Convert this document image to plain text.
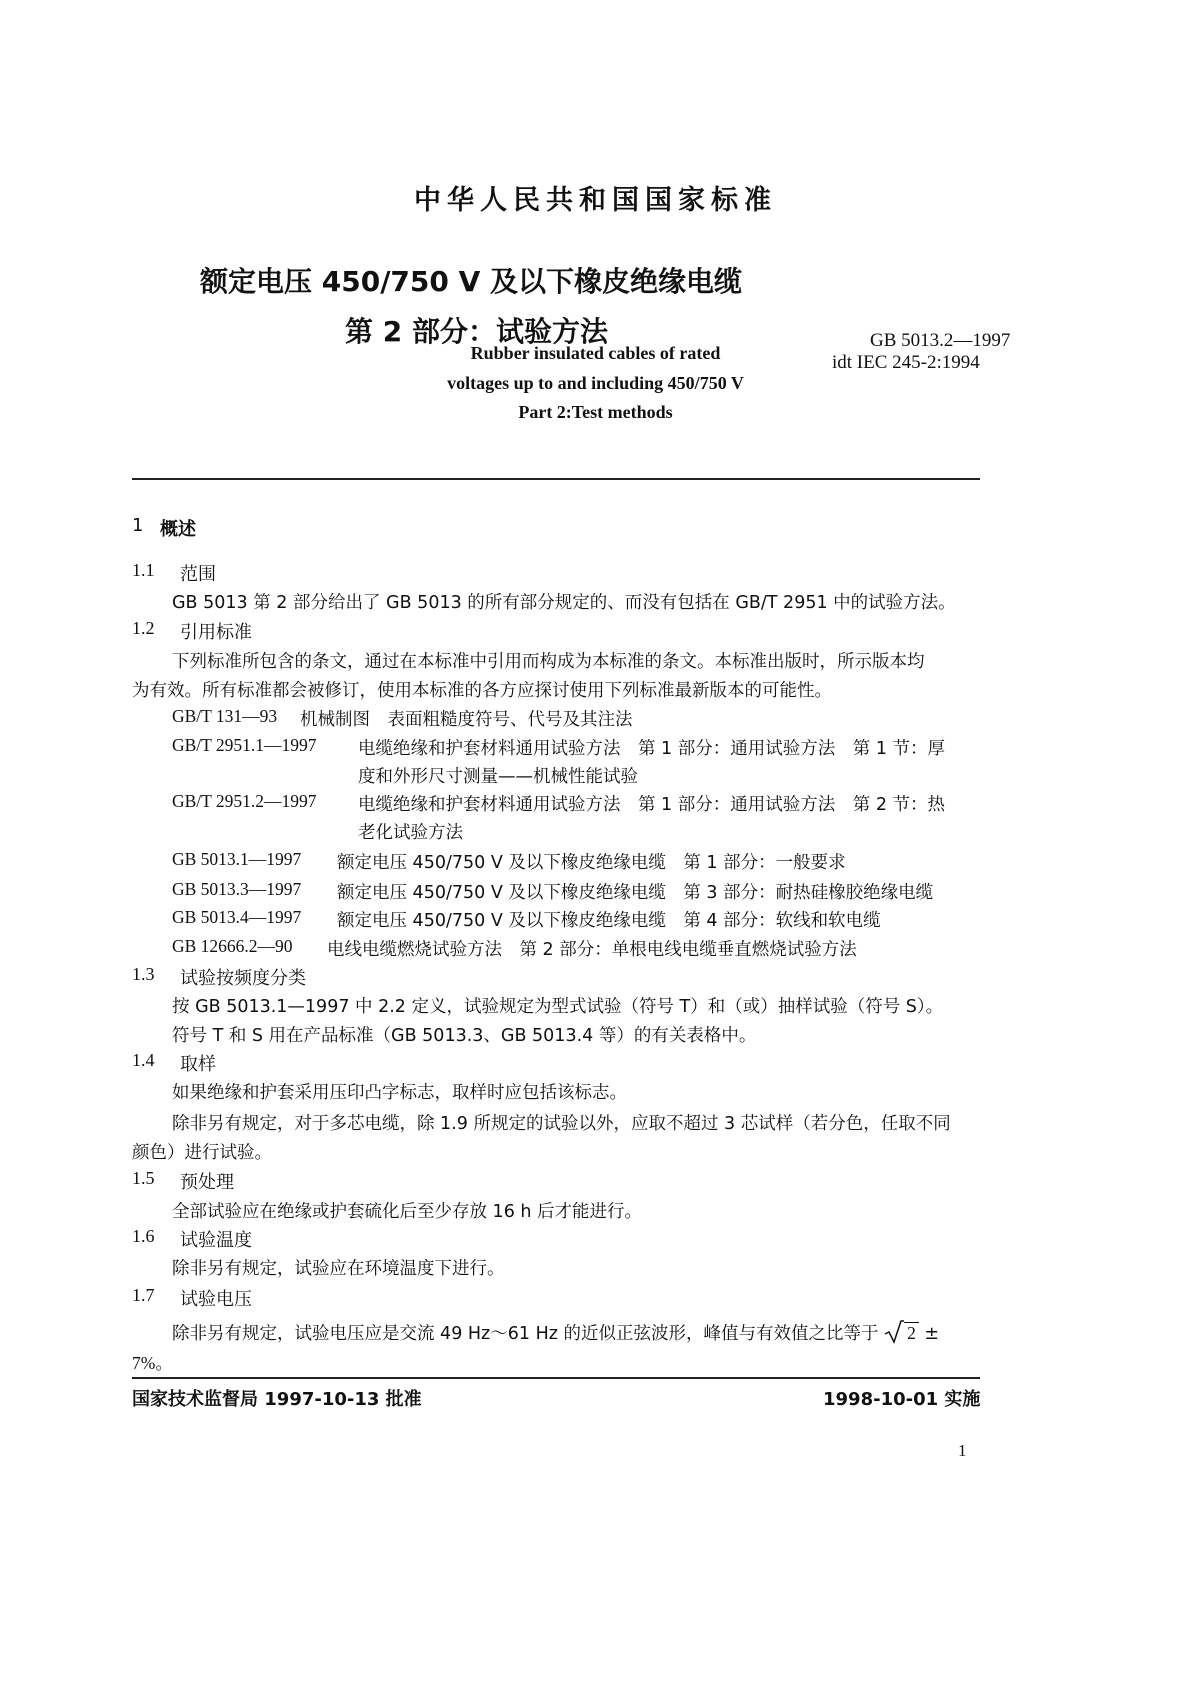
中华人民共和国国家标准
额定电压 450/750 V 及以下橡皮绝缘电缆
第 2 部分：试验方法	GB 5013.2—1997
idt IEC 245-2:1994
Rubber insulated cables of rated
voltages up to and including 450/750 V
Part 2:Test methods
1 概述
1.1 范围
GB 5013 第 2 部分给出了 GB 5013 的所有部分规定的、而没有包括在 GB/T 2951 中的试验方法。
1.2 引用标准
下列标准所包含的条文，通过在本标准中引用而构成为本标准的条文。本标准出版时，所示版本均
为有效。所有标准都会被修订，使用本标准的各方应探讨使用下列标准最新版本的可能性。
GB/T 131—93 机械制图　表面粗糙度符号、代号及其注法
GB/T 2951.1—1997 电缆绝缘和护套材料通用试验方法　第 1 部分：通用试验方法　第 1 节：厚
度和外形尺寸测量——机械性能试验
GB/T 2951.2—1997 电缆绝缘和护套材料通用试验方法　第 1 部分：通用试验方法　第 2 节：热
老化试验方法
GB 5013.1—1997 额定电压 450/750 V 及以下橡皮绝缘电缆　第 1 部分：一般要求
GB 5013.3—1997 额定电压 450/750 V 及以下橡皮绝缘电缆　第 3 部分：耐热硅橡胶绝缘电缆
GB 5013.4—1997 额定电压 450/750 V 及以下橡皮绝缘电缆　第 4 部分：软线和软电缆
GB 12666.2—90 电线电缆燃烧试验方法　第 2 部分：单根电线电缆垂直燃烧试验方法
1.3 试验按频度分类
按 GB 5013.1—1997 中 2.2 定义，试验规定为型式试验（符号 T）和（或）抽样试验（符号 S）。
符号 T 和 S 用在产品标准（GB 5013.3、GB 5013.4 等）的有关表格中。
1.4 取样
如果绝缘和护套采用压印凸字标志，取样时应包括该标志。
除非另有规定，对于多芯电缆，除 1.9 所规定的试验以外，应取不超过 3 芯试样（若分色，任取不同
颜色）进行试验。
1.5 预处理
全部试验应在绝缘或护套硫化后至少存放 16 h 后才能进行。
1.6 试验温度
除非另有规定，试验应在环境温度下进行。
1.7 试验电压
除非另有规定，试验电压应是交流 49 Hz～61 Hz 的近似正弦波形，峰值与有效值之比等于 2 ±
7%。
国家技术监督局 1997-10-13 批准	1998-10-01 实施
1
